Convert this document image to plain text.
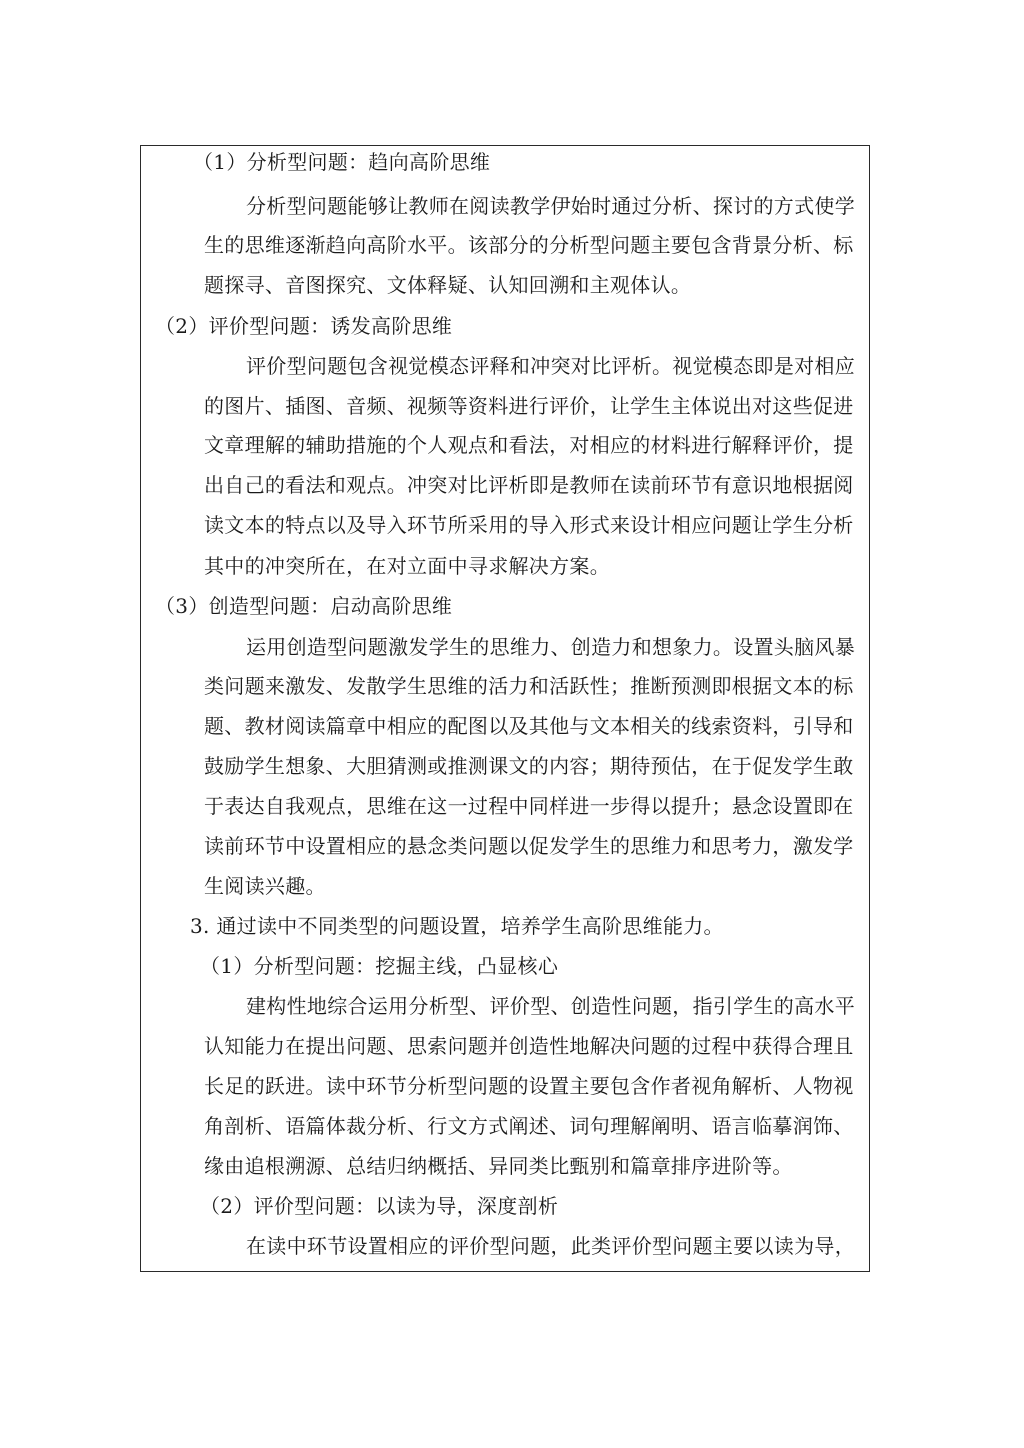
（1）分析型问题：趋向高阶思维
分析型问题能够让教师在阅读教学伊始时通过分析、探讨的方式使学
生的思维逐渐趋向高阶水平。该部分的分析型问题主要包含背景分析、标
题探寻、音图探究、文体释疑、认知回溯和主观体认。
（2）评价型问题：诱发高阶思维
评价型问题包含视觉模态评释和冲突对比评析。视觉模态即是对相应
的图片、插图、音频、视频等资料进行评价，让学生主体说出对这些促进
文章理解的辅助措施的个人观点和看法，对相应的材料进行解释评价，提
出自己的看法和观点。冲突对比评析即是教师在读前环节有意识地根据阅
读文本的特点以及导入环节所采用的导入形式来设计相应问题让学生分析
其中的冲突所在，在对立面中寻求解决方案。
（3）创造型问题：启动高阶思维
运用创造型问题激发学生的思维力、创造力和想象力。设置头脑风暴
类问题来激发、发散学生思维的活力和活跃性；推断预测即根据文本的标
题、教材阅读篇章中相应的配图以及其他与文本相关的线索资料，引导和
鼓励学生想象、大胆猜测或推测课文的内容；期待预估，在于促发学生敢
于表达自我观点，思维在这一过程中同样进一步得以提升；悬念设置即在
读前环节中设置相应的悬念类问题以促发学生的思维力和思考力，激发学
生阅读兴趣。
3. 通过读中不同类型的问题设置，培养学生高阶思维能力。
（1）分析型问题：挖掘主线，凸显核心
建构性地综合运用分析型、评价型、创造性问题，指引学生的高水平
认知能力在提出问题、思索问题并创造性地解决问题的过程中获得合理且
长足的跃进。读中环节分析型问题的设置主要包含作者视角解析、人物视
角剖析、语篇体裁分析、行文方式阐述、词句理解阐明、语言临摹润饰、
缘由追根溯源、总结归纳概括、异同类比甄别和篇章排序进阶等。
（2）评价型问题：以读为导，深度剖析
在读中环节设置相应的评价型问题，此类评价型问题主要以读为导，
